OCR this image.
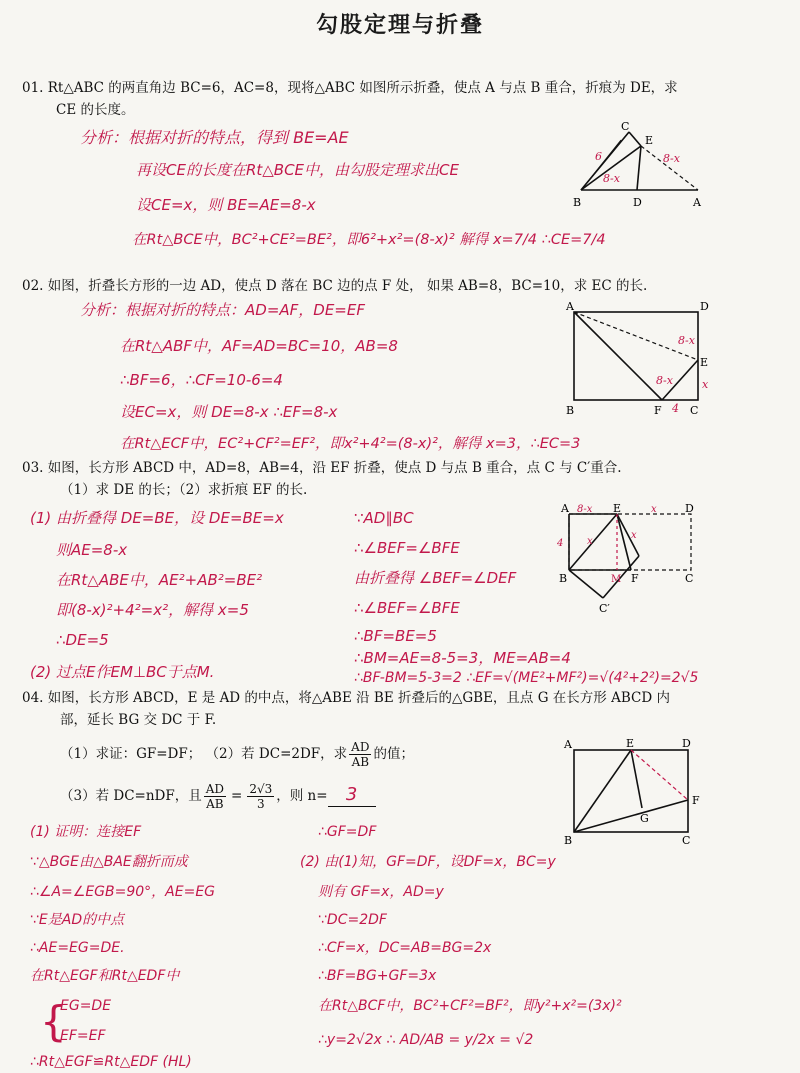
勾股定理与折叠
01. Rt△ABC 的两直角边 BC=6，AC=8，现将△ABC 如图所示折叠，使点 A 与点 B 重合，折痕为 DE，求
CE 的长度。
分析：根据对折的特点，得到 BE=AE
再设CE的长度在Rt△BCE中，由勾股定理求出CE
设CE=x，则 BE=AE=8-x
在Rt△BCE中，BC²+CE²=BE²，即6²+x²=(8-x)² 解得 x=7/4 ∴CE=7/4
C
E
B	D	A
6
8-x
8-x
02. 如图，折叠长方形的一边 AD，使点 D 落在 BC 边的点 F 处， 如果 AB=8，BC=10，求 EC 的长.
分析：根据对折的特点：AD=AF，DE=EF
在Rt△ABF中，AF=AD=BC=10，AB=8
∴BF=6，∴CF=10-6=4
设EC=x，则 DE=8-x ∴EF=8-x
在Rt△ECF中，EC²+CF²=EF²，即x²+4²=(8-x)²，解得 x=3，∴EC=3
A	D
E
B	F	C
8-x
8-x	x
4
03. 如图，长方形 ABCD 中，AD=8，AB=4，沿 EF 折叠，使点 D 与点 B 重合，点 C 与 C′重合.
（1）求 DE 的长；（2）求折痕 EF 的长.
(1) 由折叠得 DE=BE，设 DE=BE=x
则AE=8-x
在Rt△ABE中，AE²+AB²=BE²
即(8-x)²+4²=x²，解得 x=5
∴DE=5
(2) 过点E作EM⊥BC于点M.
∵AD∥BC
∴∠BEF=∠BFE
由折叠得 ∠BEF=∠DEF
∴∠BEF=∠BFE
∴BF=BE=5
∴BM=AE=8-5=3，ME=AB=4
∴BF-BM=5-3=2 ∴EF=√(ME²+MF²)=√(4²+2²)=2√5
A	E	D
B	M F	C
C′
8-x	x
x
4
x
04. 如图，长方形 ABCD，E 是 AD 的中点，将△ABE 沿 BE 折叠后的△GBE，且点 G 在长方形 ABCD 内
部，延长 BG 交 DC 于 F.
（1）求证：GF=DF； （2）若 DC=2DF，求 $\frac{AD}{AB}$ 的值；
（3）若 DC=nDF，且 $\frac{AD}{AB} = \frac{2√3}{3}$ ，则 n=	3
(1) 证明：连接EF
∵△BGE由△BAE翻折而成
∴∠A=∠EGB=90°，AE=EG
∵E是AD的中点
∴AE=EG=DE.
在Rt△EGF和Rt△EDF中
{
EG=DE
EF=EF
∴Rt△EGF≌Rt△EDF (HL)
∴GF=DF
(2) 由(1)知，GF=DF，设DF=x，BC=y
则有 GF=x，AD=y
∵DC=2DF
∴CF=x，DC=AB=BG=2x
∴BF=BG+GF=3x
在Rt△BCF中，BC²+CF²=BF²，即y²+x²=(3x)²
∴y=2√2x ∴ AD/AB = y/2x = √2
A	E	D
F
G
B	C
